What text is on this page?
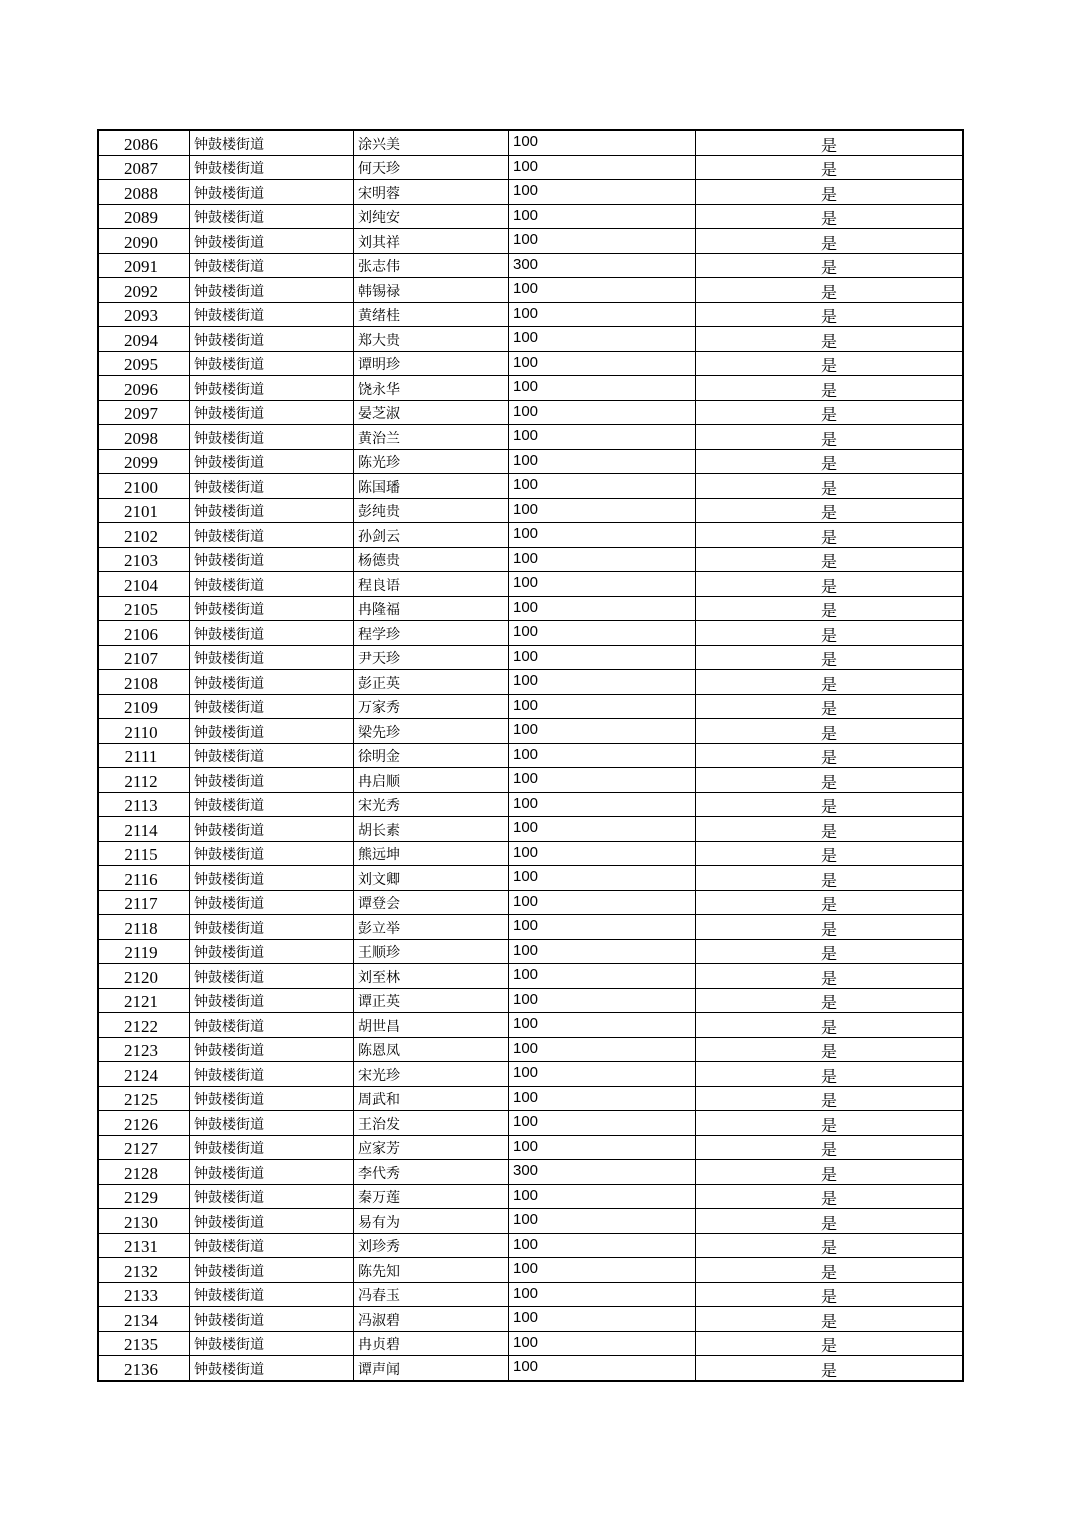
2086	钟鼓楼街道	涂兴美	100	是
2087	钟鼓楼街道	何天珍	100	是
2088	钟鼓楼街道	宋明蓉	100	是
2089	钟鼓楼街道	刘纯安	100	是
2090	钟鼓楼街道	刘其祥	100	是
2091	钟鼓楼街道	张志伟	300	是
2092	钟鼓楼街道	韩锡禄	100	是
2093	钟鼓楼街道	黄绪桂	100	是
2094	钟鼓楼街道	郑大贵	100	是
2095	钟鼓楼街道	谭明珍	100	是
2096	钟鼓楼街道	饶永华	100	是
2097	钟鼓楼街道	晏芝淑	100	是
2098	钟鼓楼街道	黄治兰	100	是
2099	钟鼓楼街道	陈光珍	100	是
2100	钟鼓楼街道	陈国璠	100	是
2101	钟鼓楼街道	彭纯贵	100	是
2102	钟鼓楼街道	孙剑云	100	是
2103	钟鼓楼街道	杨德贵	100	是
2104	钟鼓楼街道	程良语	100	是
2105	钟鼓楼街道	冉隆福	100	是
2106	钟鼓楼街道	程学珍	100	是
2107	钟鼓楼街道	尹天珍	100	是
2108	钟鼓楼街道	彭正英	100	是
2109	钟鼓楼街道	万家秀	100	是
2110	钟鼓楼街道	梁先珍	100	是
2111	钟鼓楼街道	徐明金	100	是
2112	钟鼓楼街道	冉启顺	100	是
2113	钟鼓楼街道	宋光秀	100	是
2114	钟鼓楼街道	胡长素	100	是
2115	钟鼓楼街道	熊远坤	100	是
2116	钟鼓楼街道	刘文卿	100	是
2117	钟鼓楼街道	谭登会	100	是
2118	钟鼓楼街道	彭立举	100	是
2119	钟鼓楼街道	王顺珍	100	是
2120	钟鼓楼街道	刘至林	100	是
2121	钟鼓楼街道	谭正英	100	是
2122	钟鼓楼街道	胡世昌	100	是
2123	钟鼓楼街道	陈恩凤	100	是
2124	钟鼓楼街道	宋光珍	100	是
2125	钟鼓楼街道	周武和	100	是
2126	钟鼓楼街道	王治发	100	是
2127	钟鼓楼街道	应家芳	100	是
2128	钟鼓楼街道	李代秀	300	是
2129	钟鼓楼街道	秦万莲	100	是
2130	钟鼓楼街道	易有为	100	是
2131	钟鼓楼街道	刘珍秀	100	是
2132	钟鼓楼街道	陈先知	100	是
2133	钟鼓楼街道	冯春玉	100	是
2134	钟鼓楼街道	冯淑碧	100	是
2135	钟鼓楼街道	冉贞碧	100	是
2136	钟鼓楼街道	谭声闻	100	是
